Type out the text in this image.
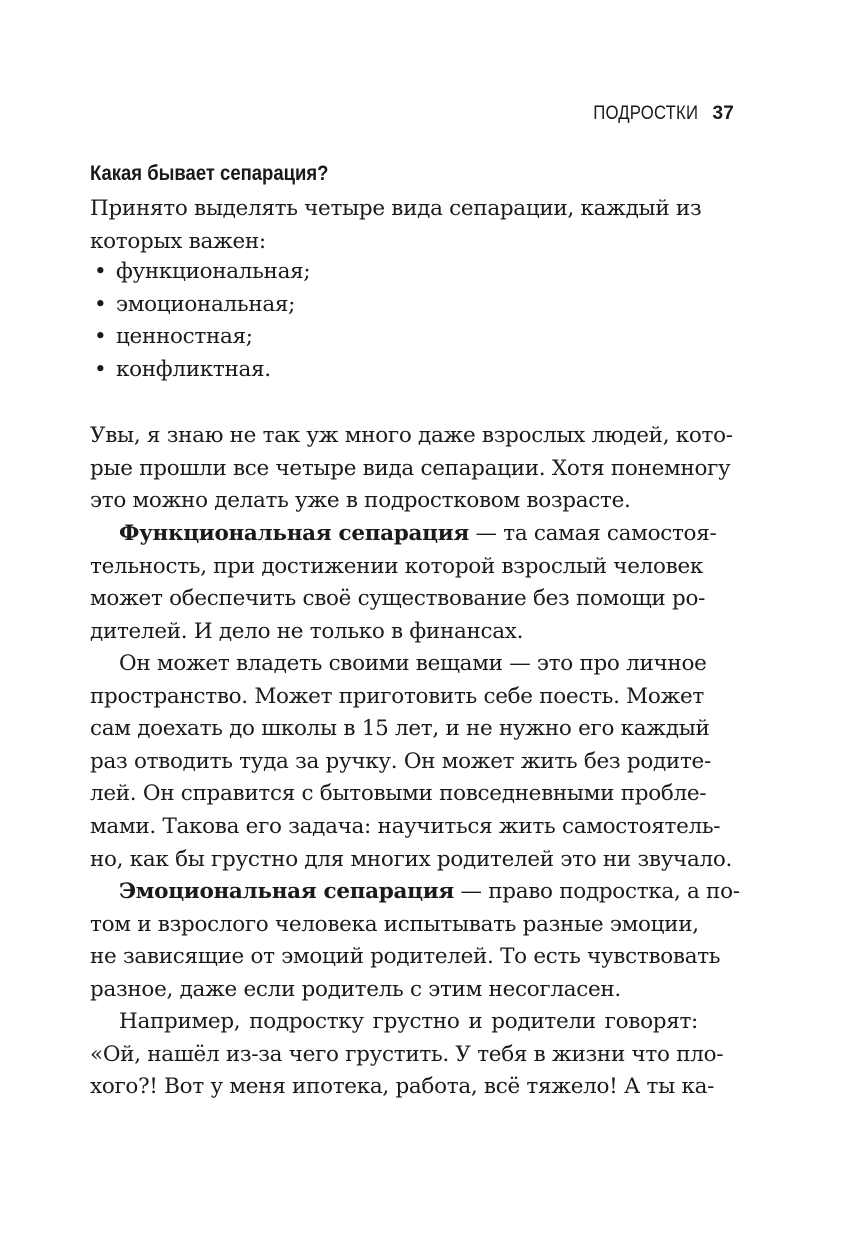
ПОДРОСТКИ 37
Какая бывает сепарация?
Принято выделять четыре вида сепарации, каждый из
которых важен:
• функциональная;
• эмоциональная;
• ценностная;
• конфликтная.
Увы, я знаю не так уж много даже взрослых людей, кото-
рые прошли все четыре вида сепарации. Хотя понемногу
это можно делать уже в подростковом возрасте.
Функциональная сепарация — та самая самостоя-
тельность, при достижении которой взрослый человек
может обеспечить своё существование без помощи ро-
дителей. И дело не только в финансах.
Он может владеть своими вещами — это про личное
пространство. Может приготовить себе поесть. Может
сам доехать до школы в 15 лет, и не нужно его каждый
раз отводить туда за ручку. Он может жить без родите-
лей. Он справится с бытовыми повседневными пробле-
мами. Такова его задача: научиться жить самостоятель-
но, как бы грустно для многих родителей это ни звучало.
Эмоциональная сепарация — право подростка, а по-
том и взрослого человека испытывать разные эмоции,
не зависящие от эмоций родителей. То есть чувствовать
разное, даже если родитель с этим несогласен.
Например, подростку грустно и родители говорят:
«Ой, нашёл из-за чего грустить. У тебя в жизни что пло-
хого?! Вот у меня ипотека, работа, всё тяжело! А ты ка-
